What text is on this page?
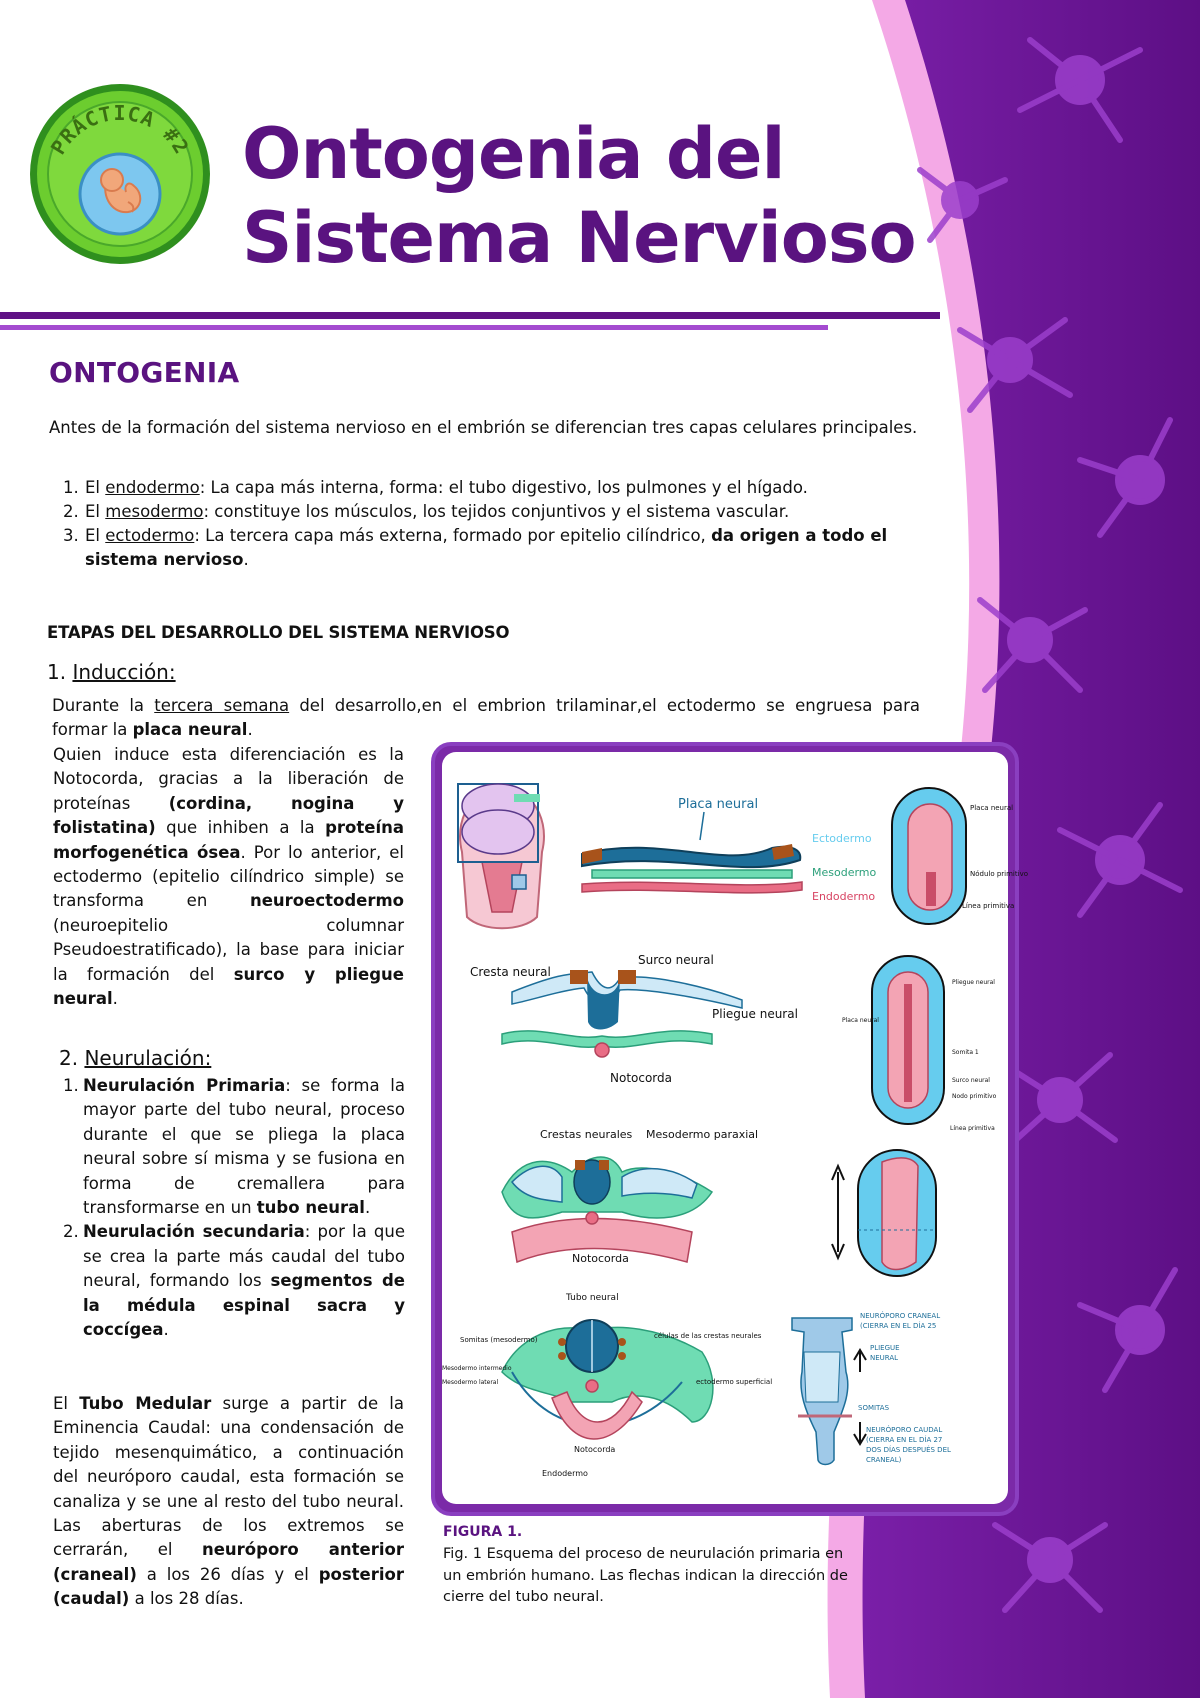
PRÁCTICA #2 Ontogenia del
Sistema Nervioso
ONTOGENIA
Antes de la formación del sistema nervioso en el embrión se diferencian tres capas celulares principales.
1. El endodermo: La capa más interna, forma: el tubo digestivo, los pulmones y el hígado.
2. El mesodermo: constituye los músculos, los tejidos conjuntivos y el sistema vascular.
3. El ectodermo: La tercera capa más externa, formado por epitelio cilíndrico, da origen a todo el sistema nervioso.
ETAPAS DEL DESARROLLO DEL SISTEMA NERVIOSO
1. Inducción:
Durante la tercera semana del desarrollo,en el embrion trilaminar,el ectodermo se engruesa para formar la placa neural.
Quien induce esta diferenciación es la Notocorda, gracias a la liberación de proteínas (cordina, nogina y folistatina) que inhiben a la proteína morfogenética ósea. Por lo anterior, el ectodermo (epitelio cilíndrico simple) se transforma en neuroectodermo (neuroepitelio columnar Pseudoestratificado), la base para iniciar la formación del surco y pliegue neural.
2. Neurulación:
1. Neurulación Primaria: se forma la mayor parte del tubo neural, proceso durante el que se pliega la placa neural sobre sí misma y se fusiona en forma de cremallera para transformarse en un tubo neural.
2. Neurulación secundaria: por la que se crea la parte más caudal del tubo neural, formando los segmentos de la médula espinal sacra y coccígea.
El Tubo Medular surge a partir de la Eminencia Caudal: una condensación de tejido mesenquimático, a continuación del neuróporo caudal, esta formación se canaliza y se une al resto del tubo neural. Las aberturas de los extremos se cerrarán, el neuróporo anterior (craneal) a los 26 días y el posterior (caudal) a los 28 días.
Placa neural
Ectodermo
Mesodermo
Endodermo
Placa neural
Nódulo primitivo
Línea primitiva
Cresta neural
Surco neural
Pliegue neural
Notocorda
Placa neural
Pliegue neural
Somita 1
Surco neural
Nodo primitivo
Línea primitiva
Crestas neurales Mesodermo paraxial
Notocorda
Tubo neural
Somitas (mesodermo)	células de las crestas neurales
Mesodermo intermedio
Mesodermo lateral	ectodermo superficial
Notocorda
Endodermo
NEURÓPORO CRANEAL
(CIERRA EN EL DÍA 25
PLIEGUE
NEURAL
SOMITAS
NEURÓPORO CAUDAL
(CIERRA EN EL DÍA 27
DOS DÍAS DESPUÉS DEL
CRANEAL)
FIGURA 1.
Fig. 1 Esquema del proceso de neurulación primaria en un embrión humano. Las flechas indican la dirección de cierre del tubo neural.
